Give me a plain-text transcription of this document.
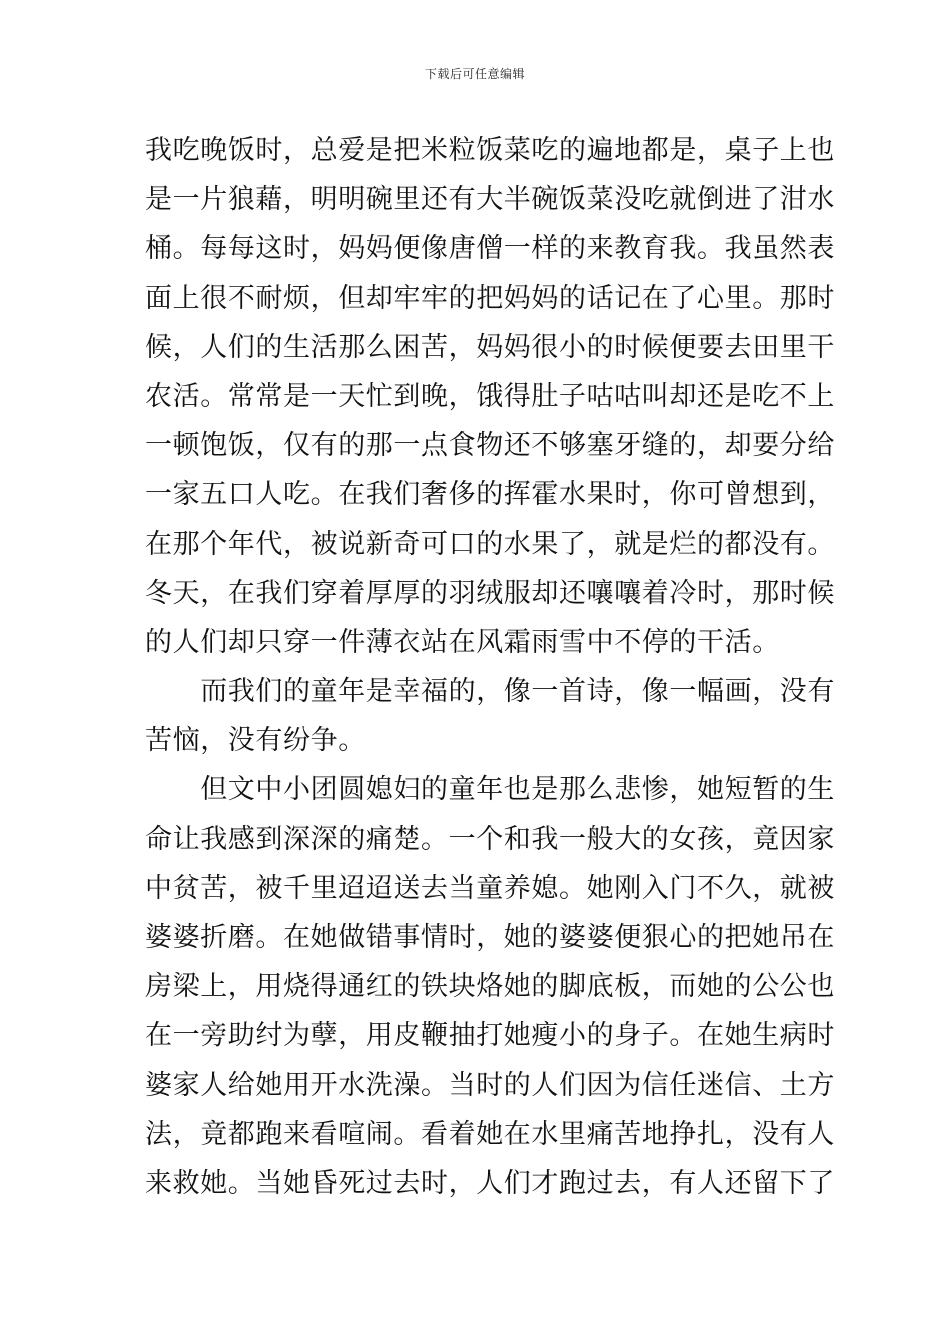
下载后可任意编辑

我吃晚饭时，总爱是把米粒饭菜吃的遍地都是，桌子上也
是一片狼藉，明明碗里还有大半碗饭菜没吃就倒进了泔水
桶。每每这时，妈妈便像唐僧一样的来教育我。我虽然表
面上很不耐烦，但却牢牢的把妈妈的话记在了心里。那时
候，人们的生活那么困苦，妈妈很小的时候便要去田里干
农活。常常是一天忙到晚，饿得肚子咕咕叫却还是吃不上
一顿饱饭，仅有的那一点食物还不够塞牙缝的，却要分给
一家五口人吃。在我们奢侈的挥霍水果时，你可曾想到，
在那个年代，被说新奇可口的水果了，就是烂的都没有。
冬天，在我们穿着厚厚的羽绒服却还嚷嚷着冷时，那时候
的人们却只穿一件薄衣站在风霜雨雪中不停的干活。

　　而我们的童年是幸福的，像一首诗，像一幅画，没有
苦恼，没有纷争。

　　但文中小团圆媳妇的童年也是那么悲惨，她短暂的生
命让我感到深深的痛楚。一个和我一般大的女孩，竟因家
中贫苦，被千里迢迢送去当童养媳。她刚入门不久，就被
婆婆折磨。在她做错事情时，她的婆婆便狠心的把她吊在
房梁上，用烧得通红的铁块烙她的脚底板，而她的公公也
在一旁助纣为孽，用皮鞭抽打她瘦小的身子。在她生病时
婆家人给她用开水洗澡。当时的人们因为信任迷信、土方
法，竟都跑来看喧闹。看着她在水里痛苦地挣扎，没有人
来救她。当她昏死过去时，人们才跑过去，有人还留下了
